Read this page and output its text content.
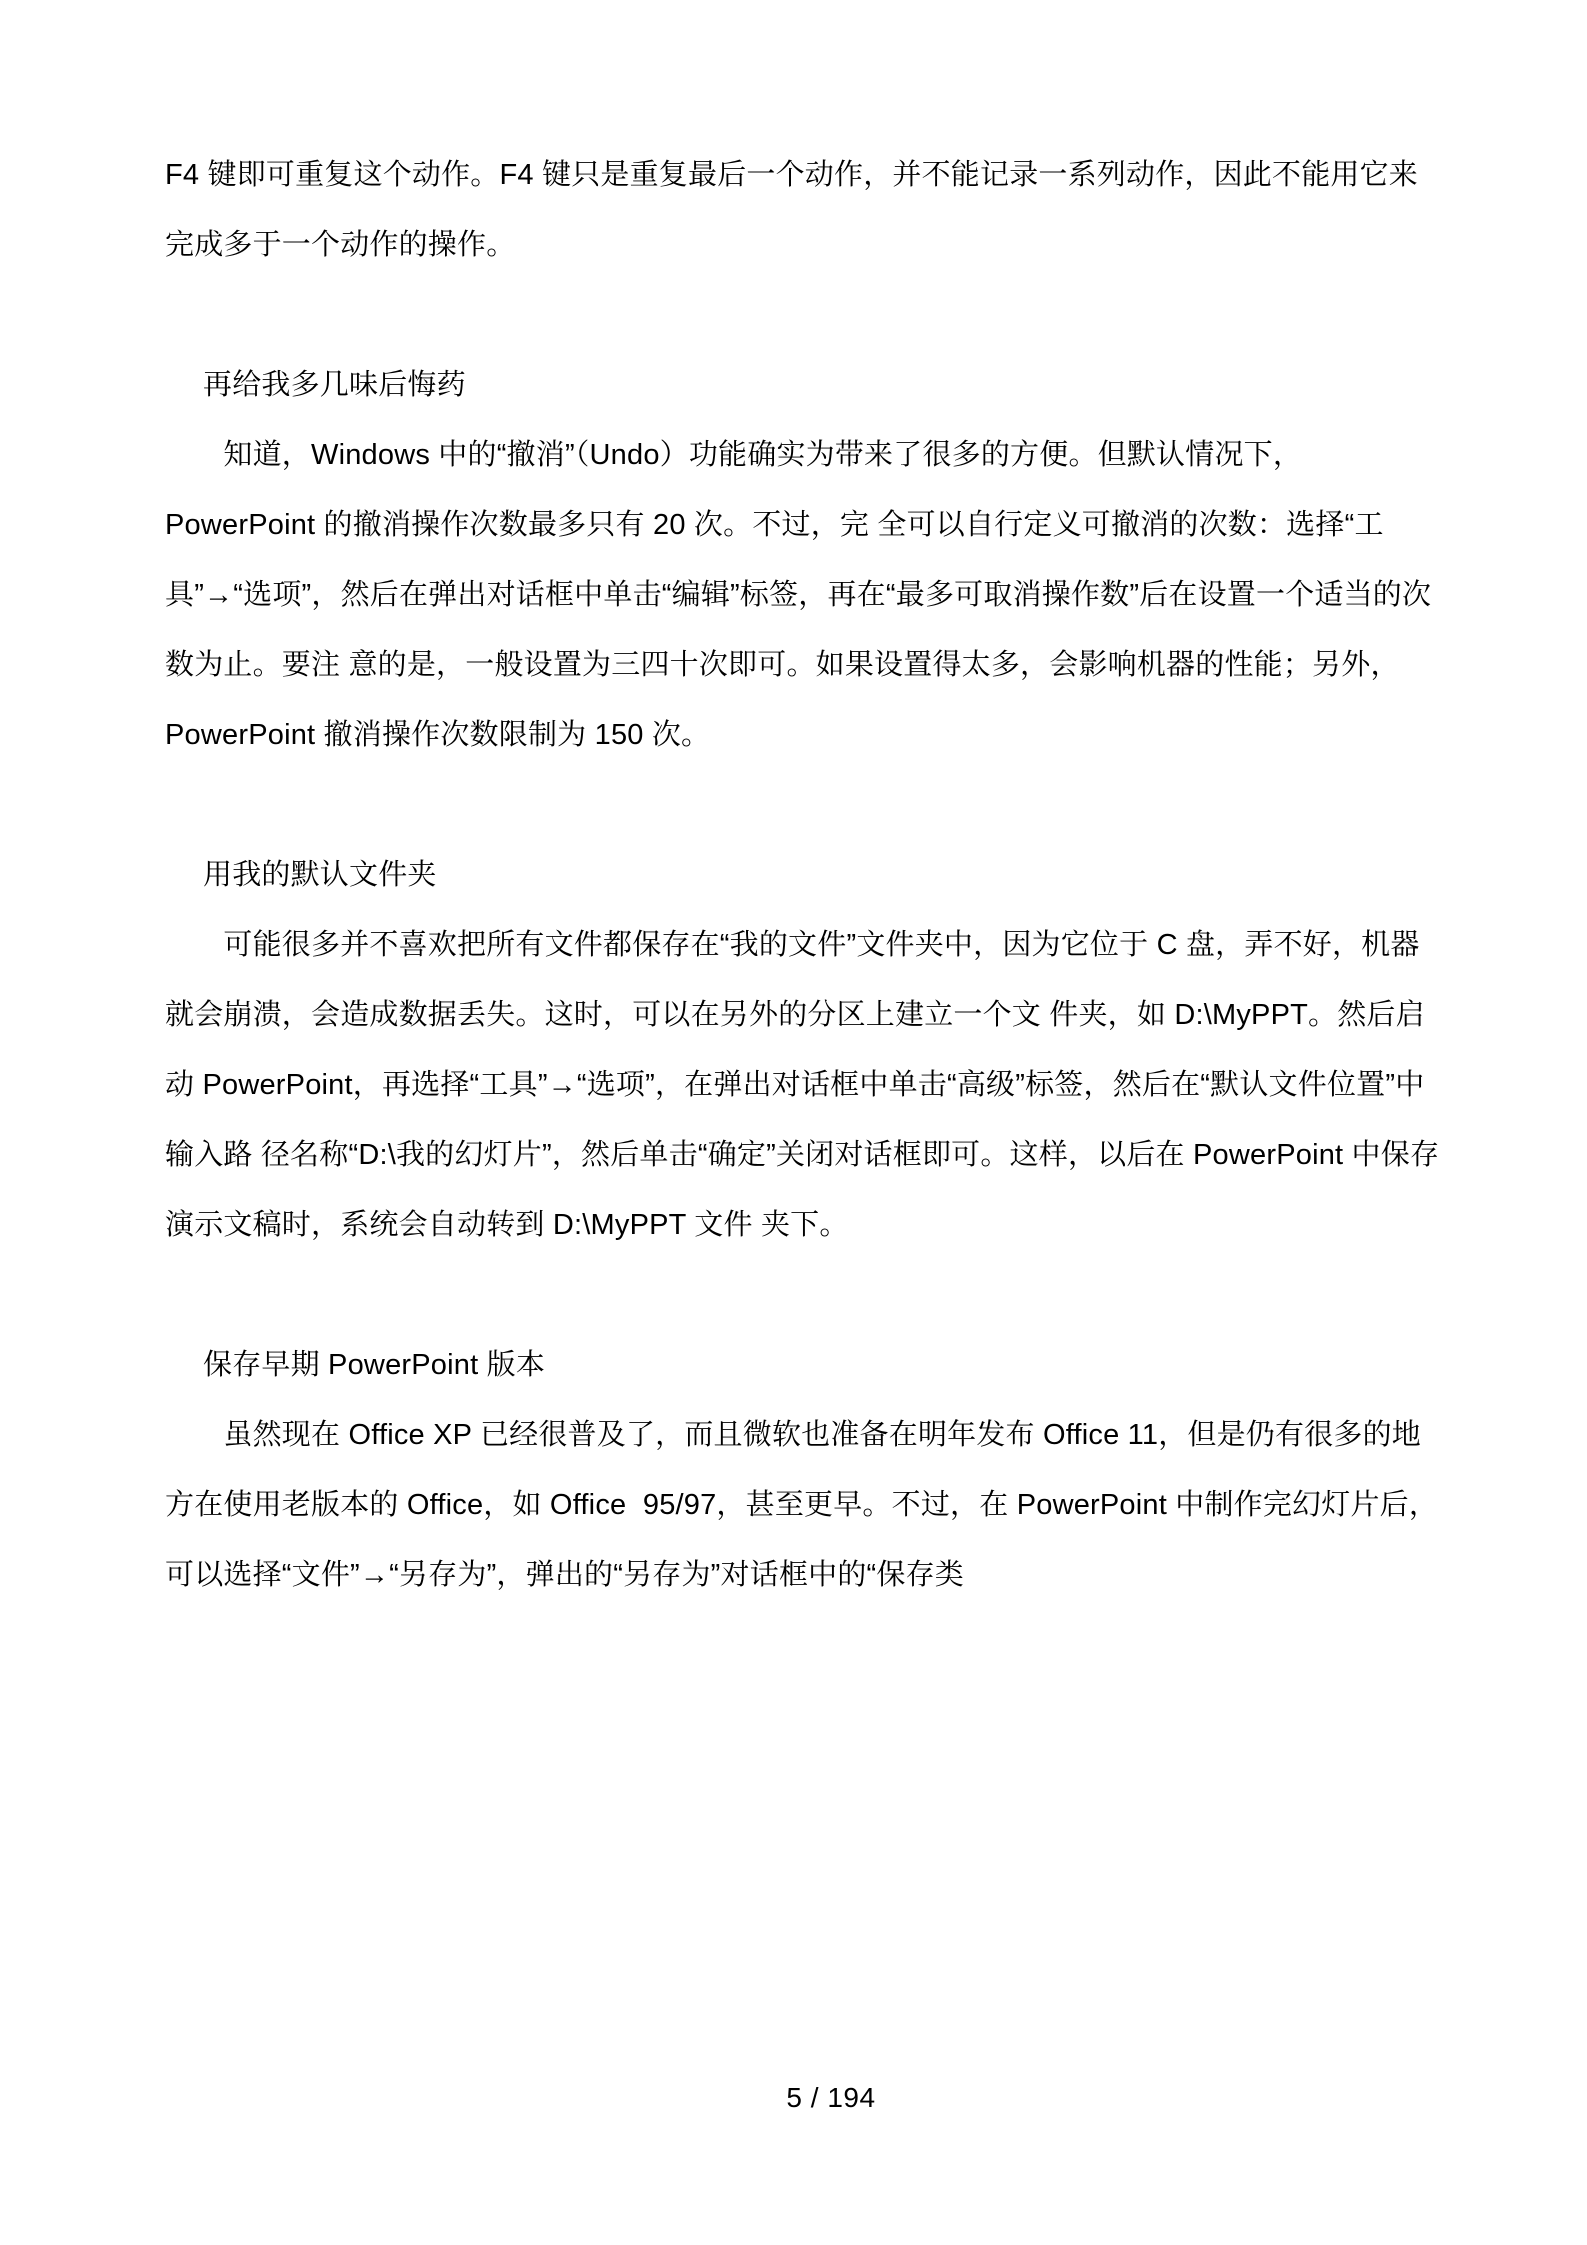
F4 键即可重复这个动作。F4 键只是重复最后一个动作，并不能记录一系列动作，因此不能用它来完成多于一个动作的操作。
再给我多几味后悔药
　　知道，Windows 中的“撤消”（Undo）功能确实为带来了很多的方便。但默认情况下，PowerPoint 的撤消操作次数最多只有 20 次。不过，完 全可以自行定义可撤消的次数：选择“工具”→“选项”，然后在弹出对话框中单击“编辑”标签，再在“最多可取消操作数”后在设置一个适当的次数为止。要注 意的是，一般设置为三四十次即可。如果设置得太多，会影响机器的性能；另外，PowerPoint 撤消操作次数限制为 150 次。
用我的默认文件夹
　　可能很多并不喜欢把所有文件都保存在“我的文件”文件夹中，因为它位于 C 盘，弄不好，机器就会崩溃，会造成数据丢失。这时，可以在另外的分区上建立一个文 件夹，如 D:\MyPPT。然后启动 PowerPoint，再选择“工具”→“选项”，在弹出对话框中单击“高级”标签，然后在“默认文件位置”中输入路 径名称“D:\我的幻灯片”，然后单击“确定”关闭对话框即可。这样，以后在 PowerPoint 中保存演示文稿时，系统会自动转到 D:\MyPPT 文件 夹下。
保存早期 PowerPoint 版本
　　虽然现在 Office XP 已经很普及了，而且微软也准备在明年发布 Office 11，但是仍有很多的地方在使用老版本的 Office，如 Office  95/97，甚至更早。不过，在 PowerPoint 中制作完幻灯片后，可以选择“文件”→“另存为”，弹出的“另存为”对话框中的“保存类
5 / 194
